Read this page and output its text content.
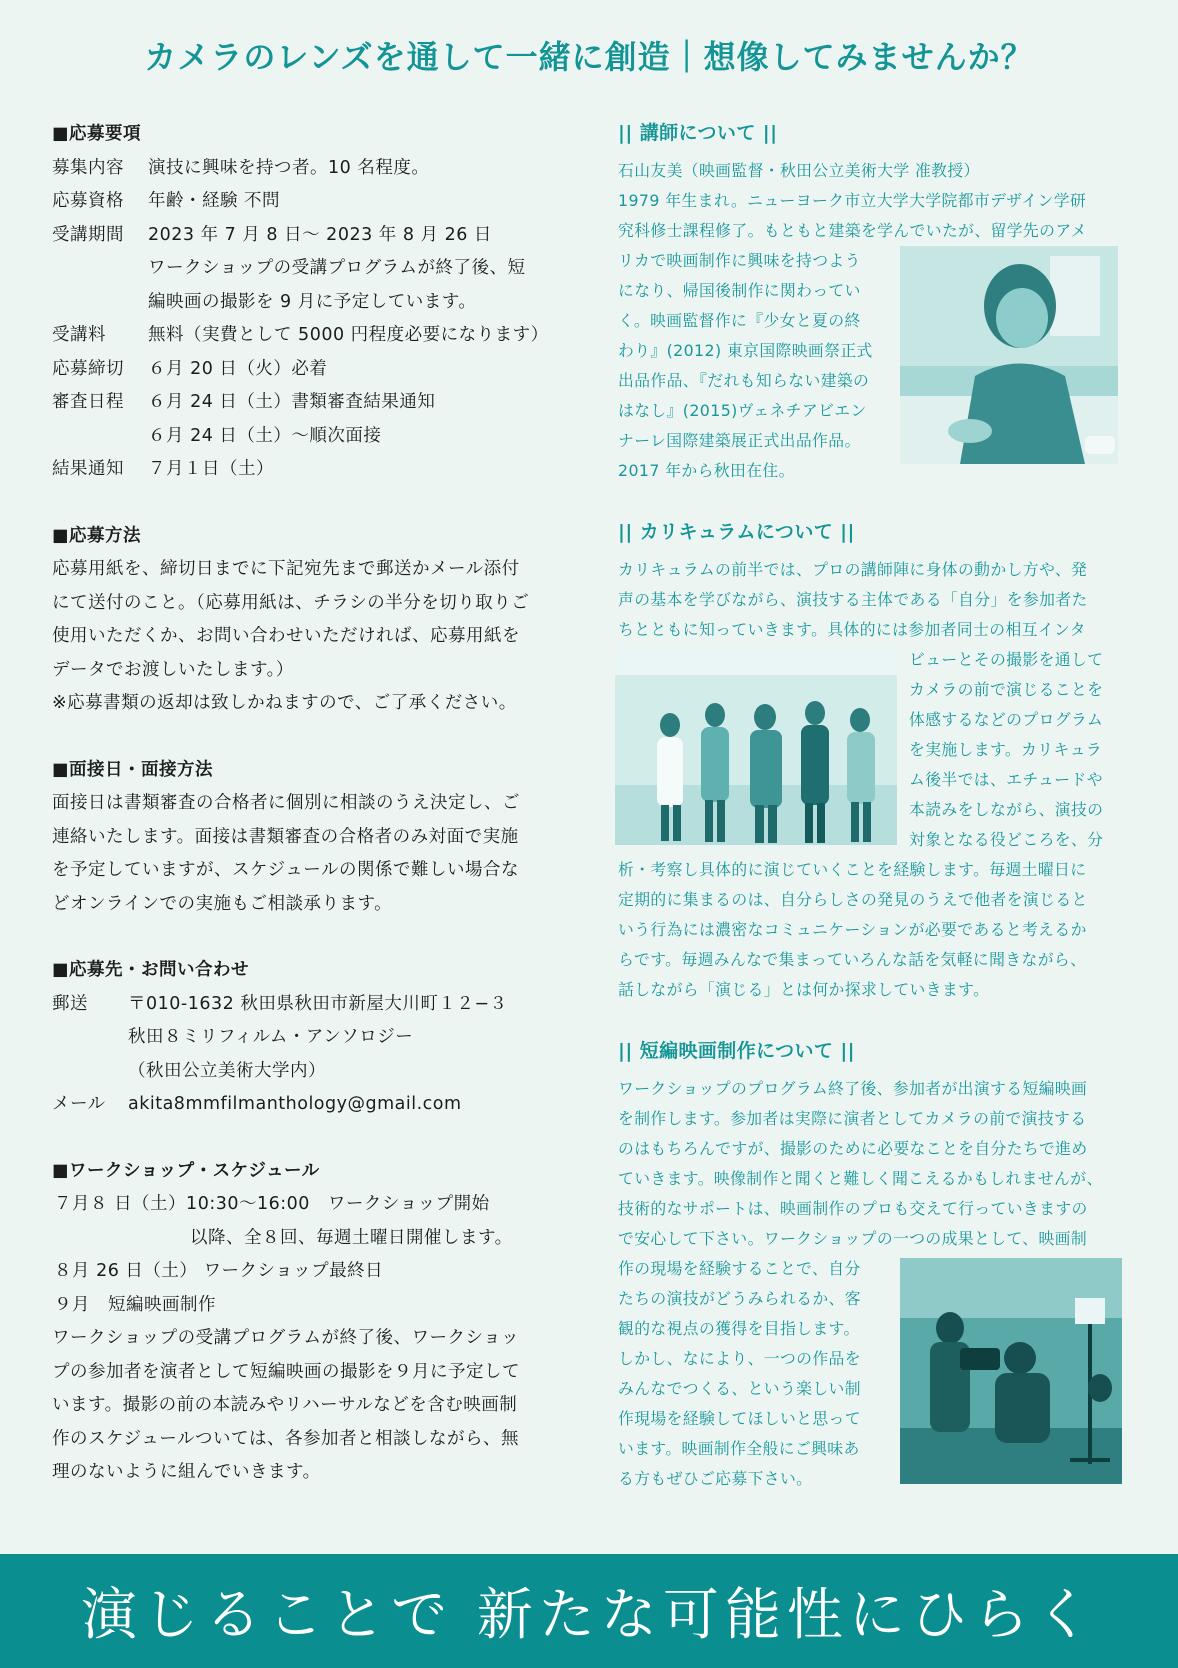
カメラのレンズを通して一緒に創造｜想像してみませんか？
■応募要項
募集内容	演技に興味を持つ者。10 名程度。
応募資格	年齢・経験 不問
受講期間	2023 年 7 月 8 日～ 2023 年 8 月 26 日
ワークショップの受講プログラムが終了後、短
編映画の撮影を 9 月に予定しています。
受講料	無料（実費として 5000 円程度必要になります）
応募締切	６月 20 日（火）必着
審査日程	６月 24 日（土）書類審査結果通知
６月 24 日（土）～順次面接
結果通知	７月１日（土）
■応募方法
応募用紙を、締切日までに下記宛先まで郵送かメール添付
にて送付のこと。（応募用紙は、チラシの半分を切り取りご
使用いただくか、お問い合わせいただければ、応募用紙を
データでお渡しいたします。）
※応募書類の返却は致しかねますので、ご了承ください。
■面接日・面接方法
面接日は書類審査の合格者に個別に相談のうえ決定し、ご
連絡いたします。面接は書類審査の合格者のみ対面で実施
を予定していますが、スケジュールの関係で難しい場合な
どオンラインでの実施もご相談承ります。
■応募先・お問い合わせ
郵送	〒010-1632 秋田県秋田市新屋大川町１２−３
秋田８ミリフィルム・アンソロジー
（秋田公立美術大学内）
メール	akita8mmfilmanthology@gmail.com
■ワークショップ・スケジュール
７月８ 日（土）10:30～16:00　ワークショップ開始
以降、全８回、毎週土曜日開催します。
８月 26 日（土） ワークショップ最終日
９月　短編映画制作
ワークショップの受講プログラムが終了後、ワークショッ
プの参加者を演者として短編映画の撮影を９月に予定して
います。撮影の前の本読みやリハーサルなどを含む映画制
作のスケジュールついては、各参加者と相談しながら、無
理のないように組んでいきます。
|| 講師について ||
石山友美（映画監督・秋田公立美術大学 准教授）
1979 年生まれ。ニューヨーク市立大学大学院都市デザイン学研
究科修士課程修了。もともと建築を学んでいたが、留学先のアメ
リカで映画制作に興味を持つよう
になり、帰国後制作に関わってい
く。映画監督作に『少女と夏の終
わり』(2012) 東京国際映画祭正式
出品作品、『だれも知らない建築の
はなし』(2015)ヴェネチアビエン
ナーレ国際建築展正式出品作品。
2017 年から秋田在住。
|| カリキュラムについて ||
カリキュラムの前半では、プロの講師陣に身体の動かし方や、発
声の基本を学びながら、演技する主体である「自分」を参加者た
ちとともに知っていきます。具体的には参加者同士の相互インタ
ビューとその撮影を通して
カメラの前で演じることを
体感するなどのプログラム
を実施します。カリキュラ
ム後半では、エチュードや
本読みをしながら、演技の
対象となる役どころを、分
析・考察し具体的に演じていくことを経験します。毎週土曜日に
定期的に集まるのは、自分らしさの発見のうえで他者を演じると
いう行為には濃密なコミュニケーションが必要であると考えるか
らです。毎週みんなで集まっていろんな話を気軽に聞きながら、
話しながら「演じる」とは何か探求していきます。
|| 短編映画制作について ||
ワークショップのプログラム終了後、参加者が出演する短編映画
を制作します。参加者は実際に演者としてカメラの前で演技する
のはもちろんですが、撮影のために必要なことを自分たちで進め
ていきます。映像制作と聞くと難しく聞こえるかもしれませんが、
技術的なサポートは、映画制作のプロも交えて行っていきますの
で安心して下さい。ワークショップの一つの成果として、映画制
作の現場を経験することで、自分
たちの演技がどうみられるか、客
観的な視点の獲得を目指します。
しかし、なにより、一つの作品を
みんなでつくる、という楽しい制
作現場を経験してほしいと思って
います。映画制作全般にご興味あ
る方もぜひご応募下さい。
演じることで 新たな可能性にひらく
